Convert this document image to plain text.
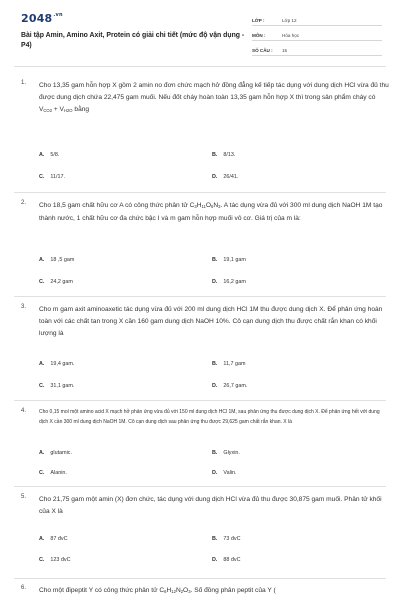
$2048^{.vn}$
Bài tập Amin, Amino Axit, Protein có giải chi tiết (mức độ vận dụng - P4)
LỚP :	Lớp 12
MÔN :	Hóa học
SỐ CÂU :	15
1. Cho 13,35 gam hỗn hợp X gồm 2 amin no đơn chức mạch hở đồng đẳng kế tiếp tác dụng với dung dịch HCl vừa đủ thu được dung dịch chứa 22,475 gam muối. Nếu đốt cháy hoàn toàn 13,35 gam hỗn hợp X thì trong sản phẩm cháy có $V_{CO2} + V_{H2O}$ bằng
A. 5/8.	B. 8/13.
C. 11/17.	D. 26/41.
2. Cho 18,5 gam chất hữu cơ A có công thức phân tử $C_3H_{11}O_6N_3$. A tác dụng vừa đủ với 300 ml dung dịch NaOH 1M tạo thành nước, 1 chất hữu cơ đa chức bậc I và m gam hỗn hợp muối vô cơ. Giá trị của m là:
A. 18 ,5 gam	B. 19,1 gam
C. 24,2 gam	D. 16,2 gam
3. Cho m gam axit aminoaxetic tác dụng vừa đủ với 200 ml dung dịch HCl 1M thu được dung dịch X. Để phản ứng hoàn toàn với các chất tan trong X cần 160 gam dung dịch NaOH 10%. Cô cạn dung dịch thu được chất rắn khan có khối lượng là
A. 19,4 gam.	B. 11,7 gam
C. 31,1 gam.	D. 26,7 gam.
4.	Cho 0,15 mol một amino acid X mạch hở phản ứng vừa đủ với 150 ml dung dịch HCl 1M, sau phản ứng thu được dung dịch X. Để phản ứng hết với dung dịch X cần 300 ml dung dịch NaOH 1M. Cô cạn dung dịch sau phản ứng thu được 29,625 gam chất rắn khan. X là
A. glutamic.	B. Glyxin.
C. Alanin.	D. Valin.
5. Cho 21,75 gam một amin (X) đơn chức, tác dụng với dung dịch HCl vừa đủ thu được 30,875 gam muối. Phân tử khối của X là
A. 87 đvC	B. 73 đvC
C. 123 đvC	D. 88 đvC
6. Cho một đipeptit Y có công thức phân tử $C_6H_{12}N_2O_3$. Số đồng phân peptit của Y (
